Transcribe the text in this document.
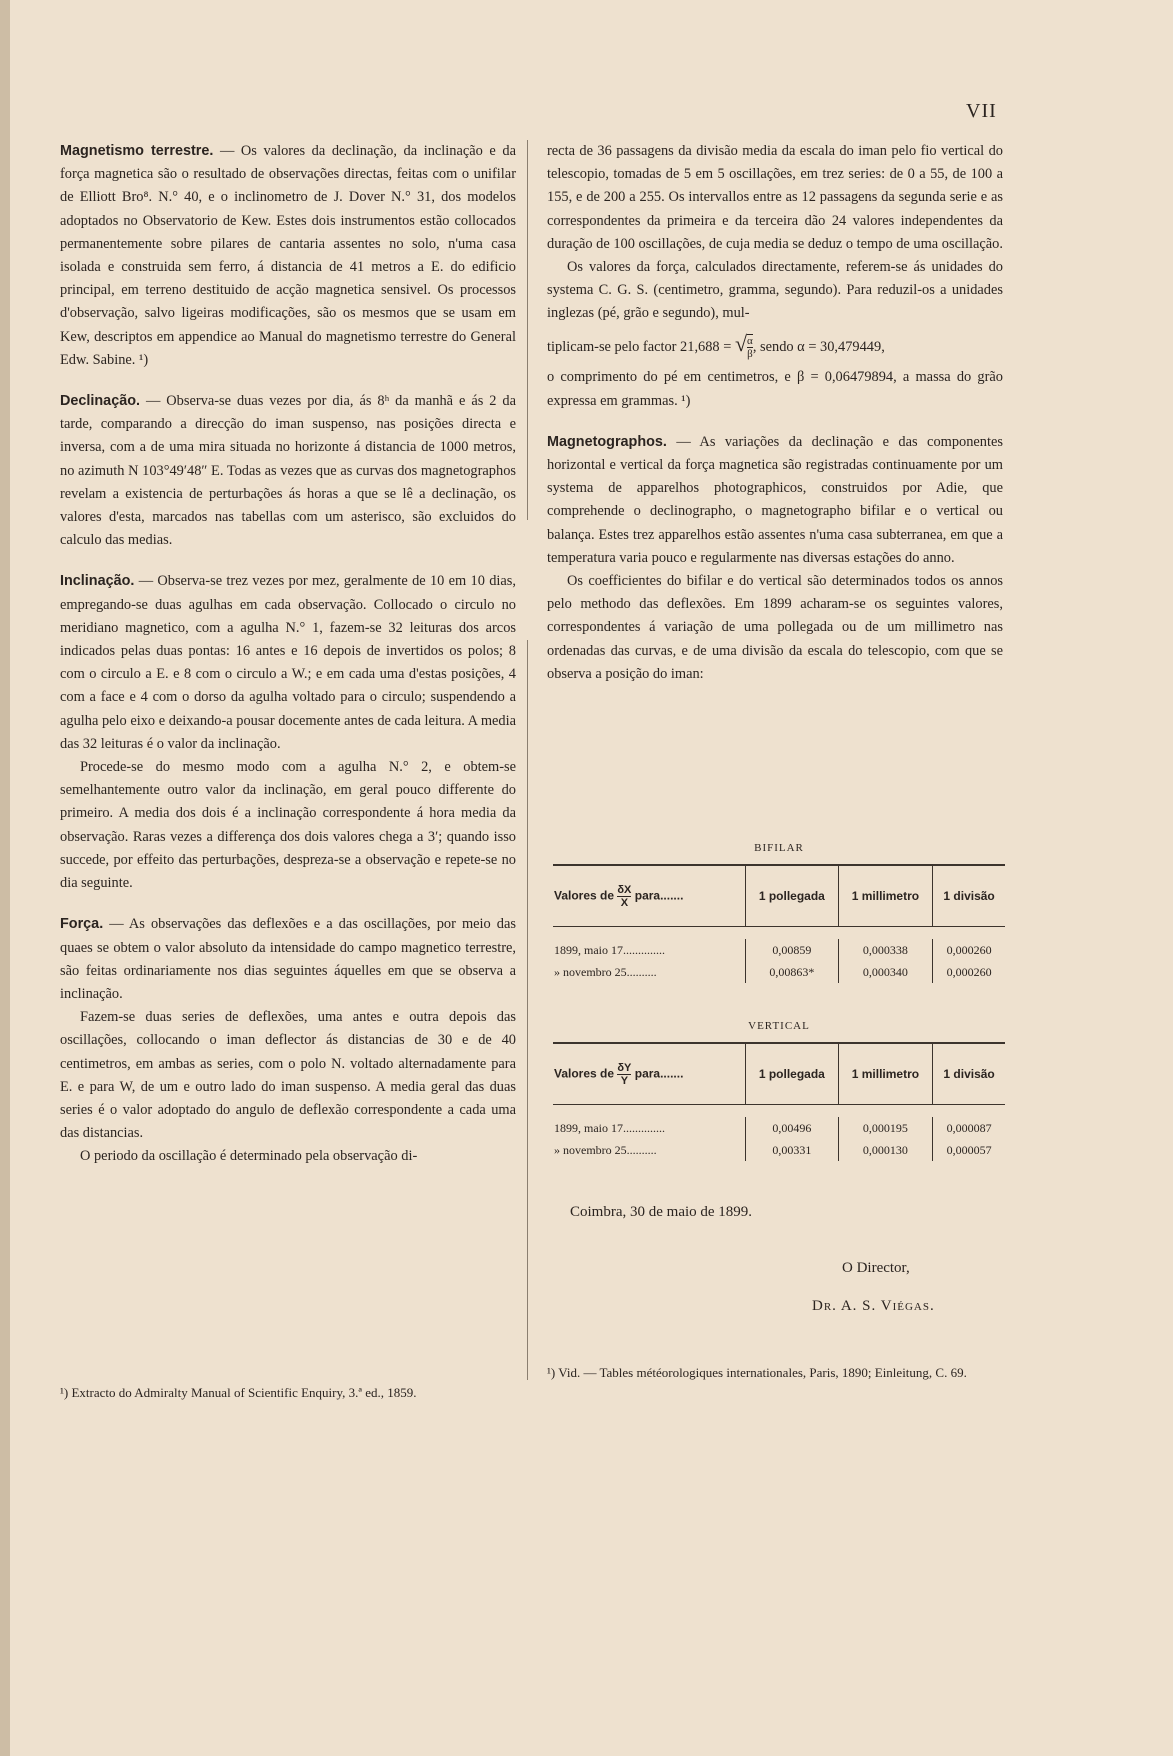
VII

Magnetismo terrestre. — Os valores da declinação, da inclinação e da força magnetica são o resultado de observações directas, feitas com o unifilar de Elliott Bro⁸. N.° 40, e o inclinometro de J. Dover N.° 31, dos modelos adoptados no Observatorio de Kew. Estes dois instrumentos estão collocados permanentemente sobre pilares de cantaria assentes no solo, n'uma casa isolada e construida sem ferro, á distancia de 41 metros a E. do edificio principal, em terreno destituido de acção magnetica sensivel. Os processos d'observação, salvo ligeiras modificações, são os mesmos que se usam em Kew, descriptos em appendice ao Manual do magnetismo terrestre do General Edw. Sabine. ¹)

Declinação. — Observa-se duas vezes por dia, ás 8ʰ da manhã e ás 2 da tarde, comparando a direcção do iman suspenso, nas posições directa e inversa, com a de uma mira situada no horizonte á distancia de 1000 metros, no azimuth N 103°49′48″ E. Todas as vezes que as curvas dos magnetographos revelam a existencia de perturbações ás horas a que se lê a declinação, os valores d'esta, marcados nas tabellas com um asterisco, são excluidos do calculo das medias.

Inclinação. — Observa-se trez vezes por mez, geralmente de 10 em 10 dias, empregando-se duas agulhas em cada observação. Collocado o circulo no meridiano magnetico, com a agulha N.° 1, fazem-se 32 leituras dos arcos indicados pelas duas pontas: 16 antes e 16 depois de invertidos os polos; 8 com o circulo a E. e 8 com o circulo a W.; e em cada uma d'estas posições, 4 com a face e 4 com o dorso da agulha voltado para o circulo; suspendendo a agulha pelo eixo e deixando-a pousar docemente antes de cada leitura. A media das 32 leituras é o valor da inclinação.

Procede-se do mesmo modo com a agulha N.° 2, e obtem-se semelhantemente outro valor da inclinação, em geral pouco differente do primeiro. A media dos dois é a inclinação correspondente á hora media da observação. Raras vezes a differença dos dois valores chega a 3′; quando isso succede, por effeito das perturbações, despreza-se a observação e repete-se no dia seguinte.

Força. — As observações das deflexões e a das oscillações, por meio das quaes se obtem o valor absoluto da intensidade do campo magnetico terrestre, são feitas ordinariamente nos dias seguintes áquelles em que se observa a inclinação.

Fazem-se duas series de deflexões, uma antes e outra depois das oscillações, collocando o iman deflector ás distancias de 30 e de 40 centimetros, em ambas as series, com o polo N. voltado alternadamente para E. e para W, de um e outro lado do iman suspenso. A media geral das duas series é o valor adoptado do angulo de deflexão correspondente a cada uma das distancias.

O periodo da oscillação é determinado pela observação di-

recta de 36 passagens da divisão media da escala do iman pelo fio vertical do telescopio, tomadas de 5 em 5 oscillações, em trez series: de 0 a 55, de 100 a 155, e de 200 a 255. Os intervallos entre as 12 passagens da segunda serie e as correspondentes da primeira e da terceira dão 24 valores independentes da duração de 100 oscillações, de cuja media se deduz o tempo de uma oscillação.

Os valores da força, calculados directamente, referem-se ás unidades do systema C. G. S. (centimetro, gramma, segundo). Para reduzil-os a unidades inglezas (pé, grão e segundo), mul-

tiplicam-se pelo factor 21,688 = √ $\frac{\alpha}{\beta}$ , sendo α = 30,479449,

o comprimento do pé em centimetros, e β = 0,06479894, a massa do grão expressa em grammas. ¹)

Magnetographos. — As variações da declinação e das componentes horizontal e vertical da força magnetica são registradas continuamente por um systema de apparelhos photographicos, construidos por Adie, que comprehende o declinographo, o magnetographo bifilar e o vertical ou balança. Estes trez apparelhos estão assentes n'uma casa subterranea, em que a temperatura varia pouco e regularmente nas diversas estações do anno.

Os coefficientes do bifilar e do vertical são determinados todos os annos pelo methodo das deflexões. Em 1899 acharam-se os seguintes valores, correspondentes á variação de uma pollegada ou de um millimetro nas ordenadas das curvas, e de uma divisão da escala do telescopio, com que se observa a posição do iman:

BIFILAR
Valores de $\frac{\delta X}{X}$ para.......	1 pollegada	1 millimetro	1 divisão

1899, maio 17..............	0,00859	0,000338	0,000260
» novembro 25..........	0,00863*	0,000340	0,000260
VERTICAL
Valores de $\frac{\delta Y}{Y}$ para.......	1 pollegada	1 millimetro	1 divisão

1899, maio 17..............	0,00496	0,000195	0,000087
» novembro 25..........	0,00331	0,000130	0,000057
Coimbra, 30 de maio de 1899.
O Director,
Dr. A. S. Viégas.
¹) Extracto do Admiralty Manual of Scientific Enquiry, 3.ª ed., 1859.
¹) Vid. — Tables météorologiques internationales, Paris, 1890; Einleitung, C. 69.
